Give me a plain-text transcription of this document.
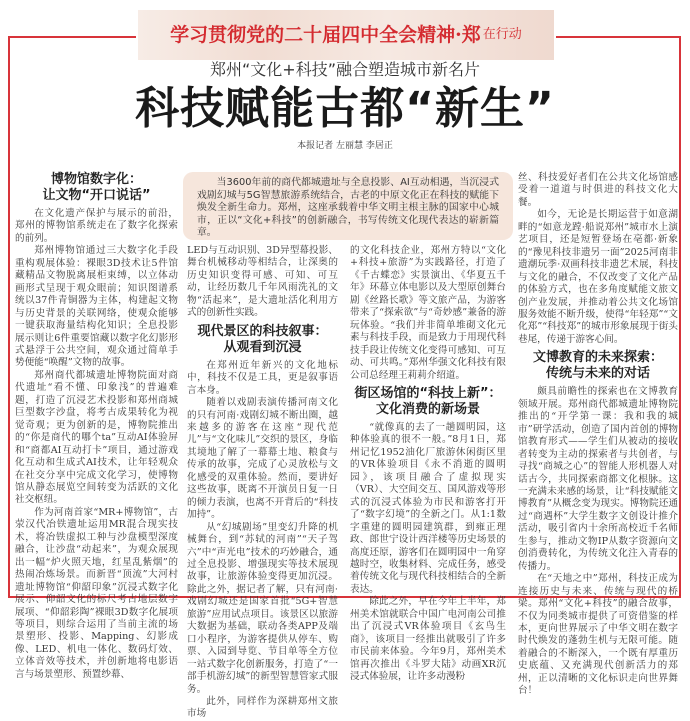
学习贯彻党的二十届四中全会精神·郑 在行动
郑州“文化+科技”融合塑造城市新名片
科技赋能古都“新生”
本报记者 左丽慧 李居正

当3600年前的商代都城遗址与全息投影、AI互动相遇，当沉浸式戏剧幻城与5G智慧旅游系统结合，古老的中原文化正在科技的赋能下焕发全新生命力。郑州，这座承载着中华文明主根主脉的国家中心城市，正以“文化+科技”的创新融合，书写传统文化现代表达的崭新篇章。

博物馆数字化：
让文物“开口说话”

在文化遗产保护与展示的前沿，郑州的博物馆系统走在了数字化探索的前列。

郑州博物馆通过三大数字化手段重构观展体验：裸眼3D技术让5件馆藏精品文物脱离展柜束缚，以立体动画形式呈现于观众眼前；知识图谱系统以37件青铜器为主体，构建起文物与历史背景的关联网络，使观众能够一键获取海量结构化知识；全息投影展示则让6件重要馆藏以数字化幻影形式悬浮于公共空间，观众通过简单手势便能“唤醒”文物的故事。

郑州商代都城遗址博物院面对商代遗址“看不懂、印象浅”的普遍难题，打造了沉浸艺术投影和郑州商城巨型数字沙盘，将考古成果转化为视觉奇观；更为创新的是，博物院推出的“你是商代的哪个ta”互动AI体验屏和“商都AI互动打卡”项目，通过游戏化互动和生成式AI技术，让年轻观众在社交分享中完成文化学习，使博物馆从静态展览空间转变为活跃的文化社交枢纽。

作为河南首家“MR+博物馆”，古荥汉代冶铁遗址运用MR混合现实技术，将冶铁虚拟工种与沙盘模型深度融合，让沙盘“动起来”，为观众展现出一幅“炉火照天地，红星乱紫烟”的热闹冶炼场景。而新晋“顶流”大河村遗址博物馆“仰韶印象”沉浸式数字化展示、仰韶文化的标尺考古地层数字展项、“仰韶彩陶”裸眼3D数字化展项等项目，则综合运用了当前主流的场景塑形、投影、Mapping、幻影成像、LED、机电一体化、数码灯效、立体音效等技术，并创新地将电影语言与场景塑形、预置纱幕、

LED与互动识别、3D异型幕投影、舞台机械移动等相结合，让深奥的历史知识变得可感、可知、可互动，让经历数几千年风雨洗礼的文物“活起来”，是大遗址活化利用方式的创新性实践。

现代景区的科技叙事：
从观看到沉浸

在郑州近年新兴的文化地标中，科技不仅是工具，更是叙事语言本身。

随着以戏剧表演传播河南文化的只有河南·戏剧幻城不断出圈，越来越多的游客在这座“现代范儿”与“文化味儿”交织的景区，身临其境地了解了一幕幕土地、粮食与传承的故事，完成了心灵放松与文化感受的双重体验。然而，要讲好这些故事，既离不开演员日复一日的倾力表演，也离不开背后的“科技加持”。

从“幻城剧场”里变幻升降的机械舞台，到“苏轼的河南”“天子驾六”中“声光电”技术的巧妙融合，通过全息投影、增强现实等技术展现故事，让旅游体验变得更加沉浸。除此之外，据记者了解，只有河南·戏剧幻城还是国家首批“5G+智慧旅游”应用试点项目。该景区以旅游大数据为基础，联动各类APP及端口小程序，为游客提供从停车、购票、入园到导览、节目单等全方位一站式数字化创新服务，打造了“一部手机游幻城”的新型智慧管家式服务。

此外，同样作为深耕郑州文旅市场

的文化科技企业，郑州方特以“文化+科技+旅游”为实践路径，打造了《千古蝶恋》实景演出、《华夏五千年》环幕立体电影以及大型原创舞台剧《丝路长歌》等文旅产品，为游客带来了“探索欲”与“奇妙感”兼备的游玩体验。“我们并非简单堆砌文化元素与科技手段，而是致力于用现代科技手段让传统文化变得可感知、可互动、可共鸣。”郑州华强文化科技有限公司总经理王莉莉介绍道。

街区场馆的“科技上新”：
文化消费的新场景

“就像真的去了一趟圆明园，这种体验真的很不一般。”8月1日，郑州记忆1952油化厂旅游休闲街区里的VR体验项目《永不消逝的圆明园》，该项目融合了虚拟现实（VR）、大空间交互、国风游戏等形式的沉浸式体验为市民和游客打开了“数字幻境”的全新之门。从1:1数字重建的圆明园建筑群，到雍正理政、郎世宁设计西洋楼等历史场景的高度还原，游客们在圆明园中一角穿越时空，收集材料、完成任务，感受着传统文化与现代科技相结合的全新表达。

除此之外，早在今年上半年，郑州美术馆就联合中国广电河南公司推出了沉浸式VR体验项目《玄鸟生商》，该项目一经推出就吸引了许多市民前来体验。今年9月，郑州美术馆再次推出《斗罗大陆》动画XR沉浸式体验展，让许多动漫粉

丝、科技爱好者们在公共文化场馆感受着一道道与时俱进的科技文化大餐。

如今，无论是长期运营于如意湖畔的“如意龙蹚·船说郑州”城市水上演艺项目，还是短暂登场在亳都·新象的“豫见科技非遗另一面”2025河南非遗潮玩季·双画科技非遗艺术展，科技与文化的融合，不仅改变了文化产品的体验方式，也在多角度赋能文旅文创产业发展，并推动着公共文化场馆服务效能不断升级，使得“年轻郑”“文化郑”“科技郑”的城市形象展现于街头巷尾，传递于游客心间。

文博教育的未来探索：
传统与未来的对话

颇具前瞻性的探索也在文博教育领域开展。郑州商代都城遗址博物院推出的“开学第一课：我和我的城市”研学活动，创造了国内首创的博物馆教育形式——学生们从被动的接收者转变为主动的探索者与共创者，与寻找“商城之心”的智能人形机器人对话古今，共同探索商都文化根脉。这一充满未来感的场景，让“科技赋能文博教育”从概念变为现实。博物院还通过“商遇杯”大学生数字文创设计推介活动，吸引省内十余所高校近千名师生参与，推动文物IP从数字资源向文创消费转化，为传统文化注入青春的传播力。

在“天地之中”郑州，科技正成为连接历史与未来、传统与现代的桥梁。郑州“文化+科技”的融合故事，不仅为同类城市提供了可资借鉴的样本，更向世界展示了中华文明在数字时代焕发的蓬勃生机与无限可能。随着融合的不断深入，一个既有厚重历史底蕴、又充满现代创新活力的郑州，正以清晰的文化标识走向世界舞台！
